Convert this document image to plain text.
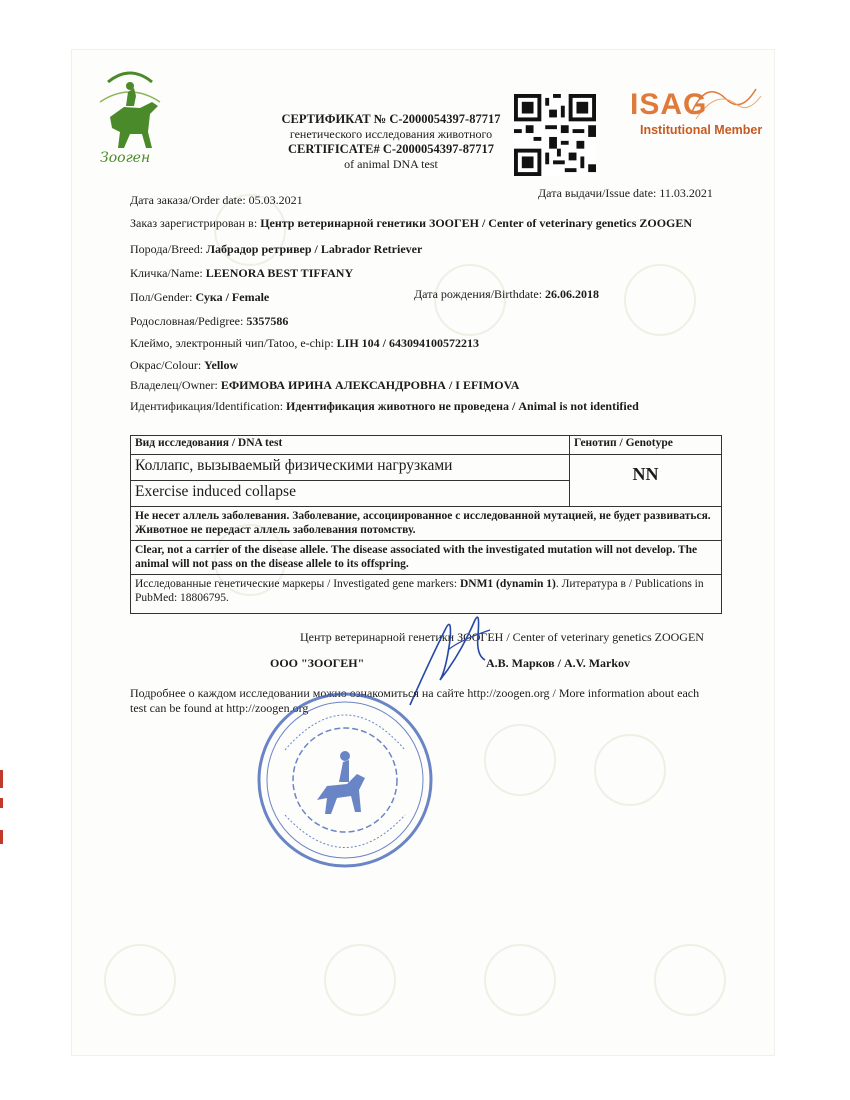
Зооген
СЕРТИФИКАТ № C-2000054397-87717
генетического исследования животного
CERTIFICATE# C-2000054397-87717
of animal DNA test
ISAG
Institutional Member
Дата заказа/Order date: 05.03.2021	Дата выдачи/Issue date: 11.03.2021
Заказ зарегистрирован в: Центр ветеринарной генетики ЗООГЕН / Center of veterinary genetics ZOOGEN
Порода/Breed: Лабрадор ретривер / Labrador Retriever
Кличка/Name: LEENORA BEST TIFFANY
Пол/Gender: Сука / Female	Дата рождения/Birthdate: 26.06.2018
Родословная/Pedigree: 5357586
Клеймо, электронный чип/Tatoo, e-chip: LIH 104 / 643094100572213
Окрас/Colour: Yellow
Владелец/Owner: ЕФИМОВА ИРИНА АЛЕКСАНДРОВНА / I EFIMOVA
Идентификация/Identification: Идентификация животного не проведена / Animal is not identified
Вид исследования / DNA test	Генотип / Genotype
Коллапс, вызываемый физическими нагрузками
Exercise induced collapse
NN
Не несет аллель заболевания. Заболевание, ассоциированное с исследованной мутацией, не будет развиваться. Животное не передаст аллель заболевания потомству.
Clear, not a carrier of the disease allele. The disease associated with the investigated mutation will not develop. The animal will not pass on the disease allele to its offspring.
Исследованные генетические маркеры / Investigated gene markers: DNM1 (dynamin 1). Литература в / Publications in PubMed: 18806795.
Центр ветеринарной генетики ЗООГЕН / Center of veterinary genetics ZOOGEN
ООО "ЗООГЕН"	А.В. Марков / A.V. Markov
Подробнее о каждом исследовании можно ознакомиться на сайте http://zoogen.org / More information about each test can be found at http://zoogen.org
